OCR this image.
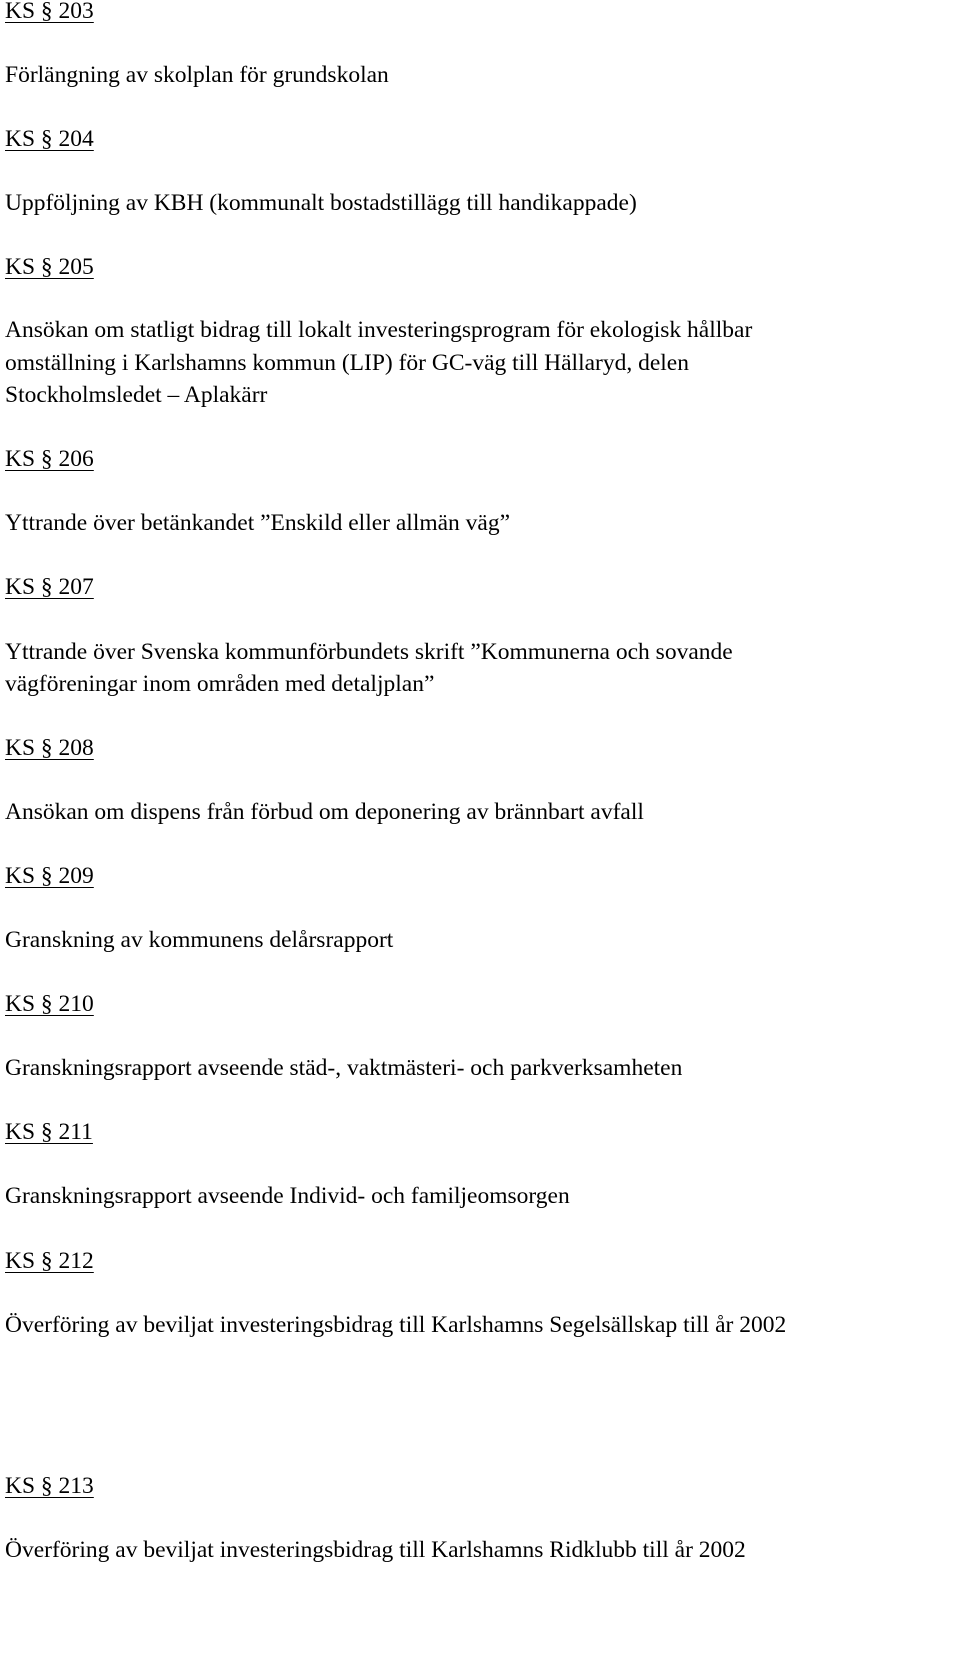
KS § 203
Förlängning av skolplan för grundskolan
KS § 204
Uppföljning av KBH (kommunalt bostadstillägg till handikappade)
KS § 205
Ansökan om statligt bidrag till lokalt investeringsprogram för ekologisk hållbar
omställning i Karlshamns kommun (LIP) för GC-väg till Hällaryd, delen
Stockholmsledet – Aplakärr
KS § 206
Yttrande över betänkandet ”Enskild eller allmän väg”
KS § 207
Yttrande över Svenska kommunförbundets skrift ”Kommunerna och sovande
vägföreningar inom områden med detaljplan”
KS § 208
Ansökan om dispens från förbud om deponering av brännbart avfall
KS § 209
Granskning av kommunens delårsrapport
KS § 210
Granskningsrapport avseende städ-, vaktmästeri- och parkverksamheten
KS § 211
Granskningsrapport avseende Individ- och familjeomsorgen
KS § 212
Överföring av beviljat investeringsbidrag till Karlshamns Segelsällskap till år 2002
KS § 213
Överföring av beviljat investeringsbidrag till Karlshamns Ridklubb till år 2002
